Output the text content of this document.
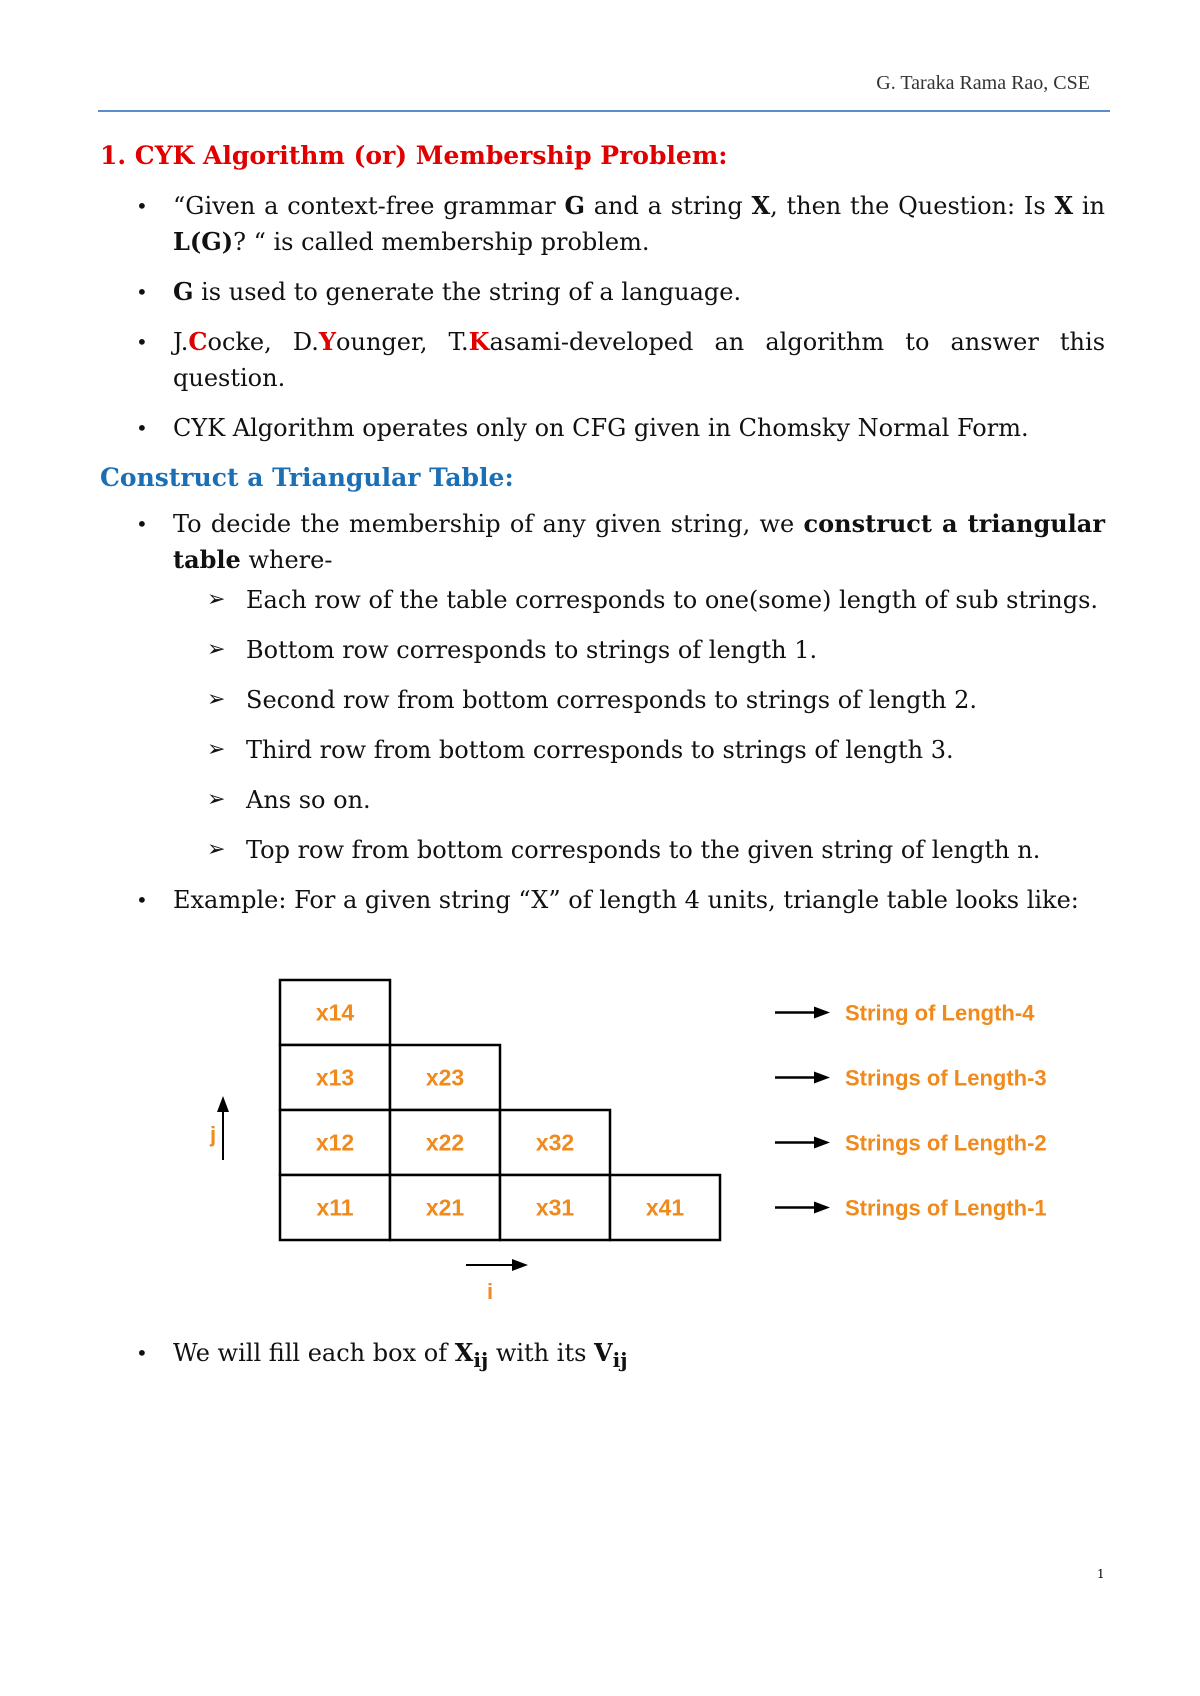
G. Taraka Rama Rao, CSE
1. CYK Algorithm (or) Membership Problem:
• “Given a context-free grammar G and a string X, then the Question: Is X in L(G)? “ is called membership problem.
• G is used to generate the string of a language.
• J.Cocke, D.Younger, T.Kasami-developed an algorithm to answer this question.
• CYK Algorithm operates only on CFG given in Chomsky Normal Form.
Construct a Triangular Table:
• To decide the membership of any given string, we construct a triangular table where-
➢ Each row of the table corresponds to one(some) length of sub strings.
➢ Bottom row corresponds to strings of length 1.
➢ Second row from bottom corresponds to strings of length 2.
➢ Third row from bottom corresponds to strings of length 3.
➢ Ans so on.
➢ Top row from bottom corresponds to the given string of length n.
• Example: For a given string “X” of length 4 units, triangle table looks like:
x14
x13	x23
x12	x22	x32
x11	x21	x31	x41
String of Length-4
Strings of Length-3
Strings of Length-2
Strings of Length-1
j
i
• We will fill each box of $X_{ij}$ with its $V_{ij}$
1
